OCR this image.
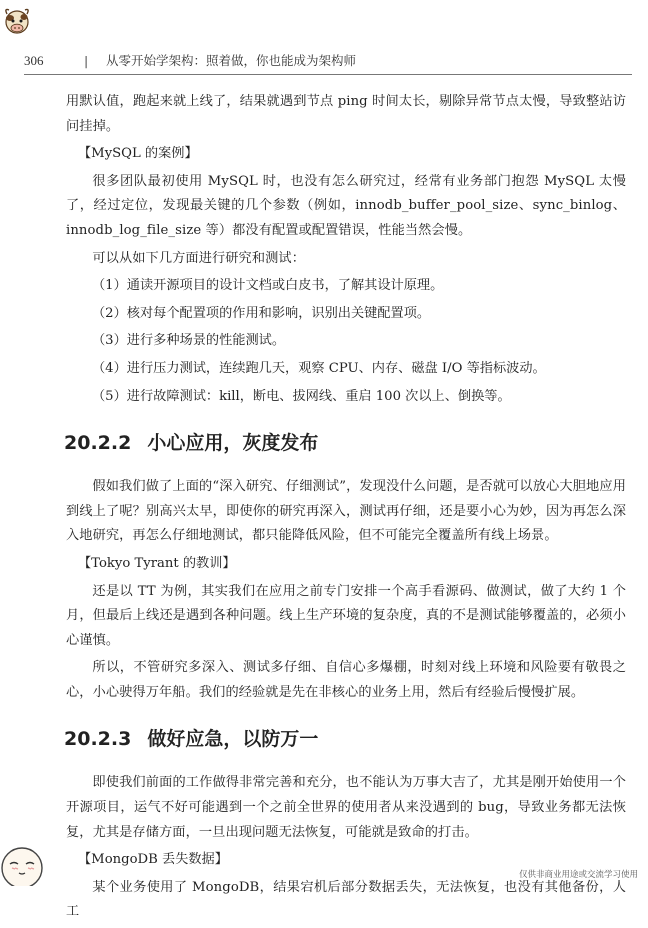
306	| 从零开始学架构：照着做，你也能成为架构师

用默认值，跑起来就上线了，结果就遇到节点 ping 时间太长，剔除异常节点太慢，导致整站访问挂掉。

【MySQL 的案例】

很多团队最初使用 MySQL 时，也没有怎么研究过，经常有业务部门抱怨 MySQL 太慢了，经过定位，发现最关键的几个参数（例如，innodb_buffer_pool_size、sync_binlog、innodb_log_file_size 等）都没有配置或配置错误，性能当然会慢。

可以从如下几方面进行研究和测试：

（1）通读开源项目的设计文档或白皮书，了解其设计原理。

（2）核对每个配置项的作用和影响，识别出关键配置项。

（3）进行多种场景的性能测试。

（4）进行压力测试，连续跑几天，观察 CPU、内存、磁盘 I/O 等指标波动。

（5）进行故障测试：kill，断电、拔网线、重启 100 次以上、倒换等。

20.2.2 小心应用，灰度发布

假如我们做了上面的“深入研究、仔细测试”，发现没什么问题，是否就可以放心大胆地应用到线上了呢？别高兴太早，即使你的研究再深入，测试再仔细，还是要小心为妙，因为再怎么深入地研究，再怎么仔细地测试，都只能降低风险，但不可能完全覆盖所有线上场景。

【Tokyo Tyrant 的教训】

还是以 TT 为例，其实我们在应用之前专门安排一个高手看源码、做测试，做了大约 1 个月，但最后上线还是遇到各种问题。线上生产环境的复杂度，真的不是测试能够覆盖的，必须小心谨慎。

所以，不管研究多深入、测试多仔细、自信心多爆棚，时刻对线上环境和风险要有敬畏之心，小心驶得万年船。我们的经验就是先在非核心的业务上用，然后有经验后慢慢扩展。

20.2.3 做好应急，以防万一

即使我们前面的工作做得非常完善和充分，也不能认为万事大吉了，尤其是刚开始使用一个开源项目，运气不好可能遇到一个之前全世界的使用者从来没遇到的 bug，导致业务都无法恢复，尤其是存储方面，一旦出现问题无法恢复，可能就是致命的打击。

【MongoDB 丢失数据】

某个业务使用了 MongoDB，结果宕机后部分数据丢失，无法恢复，也没有其他备份，人工

仅供非商业用途或交流学习使用
